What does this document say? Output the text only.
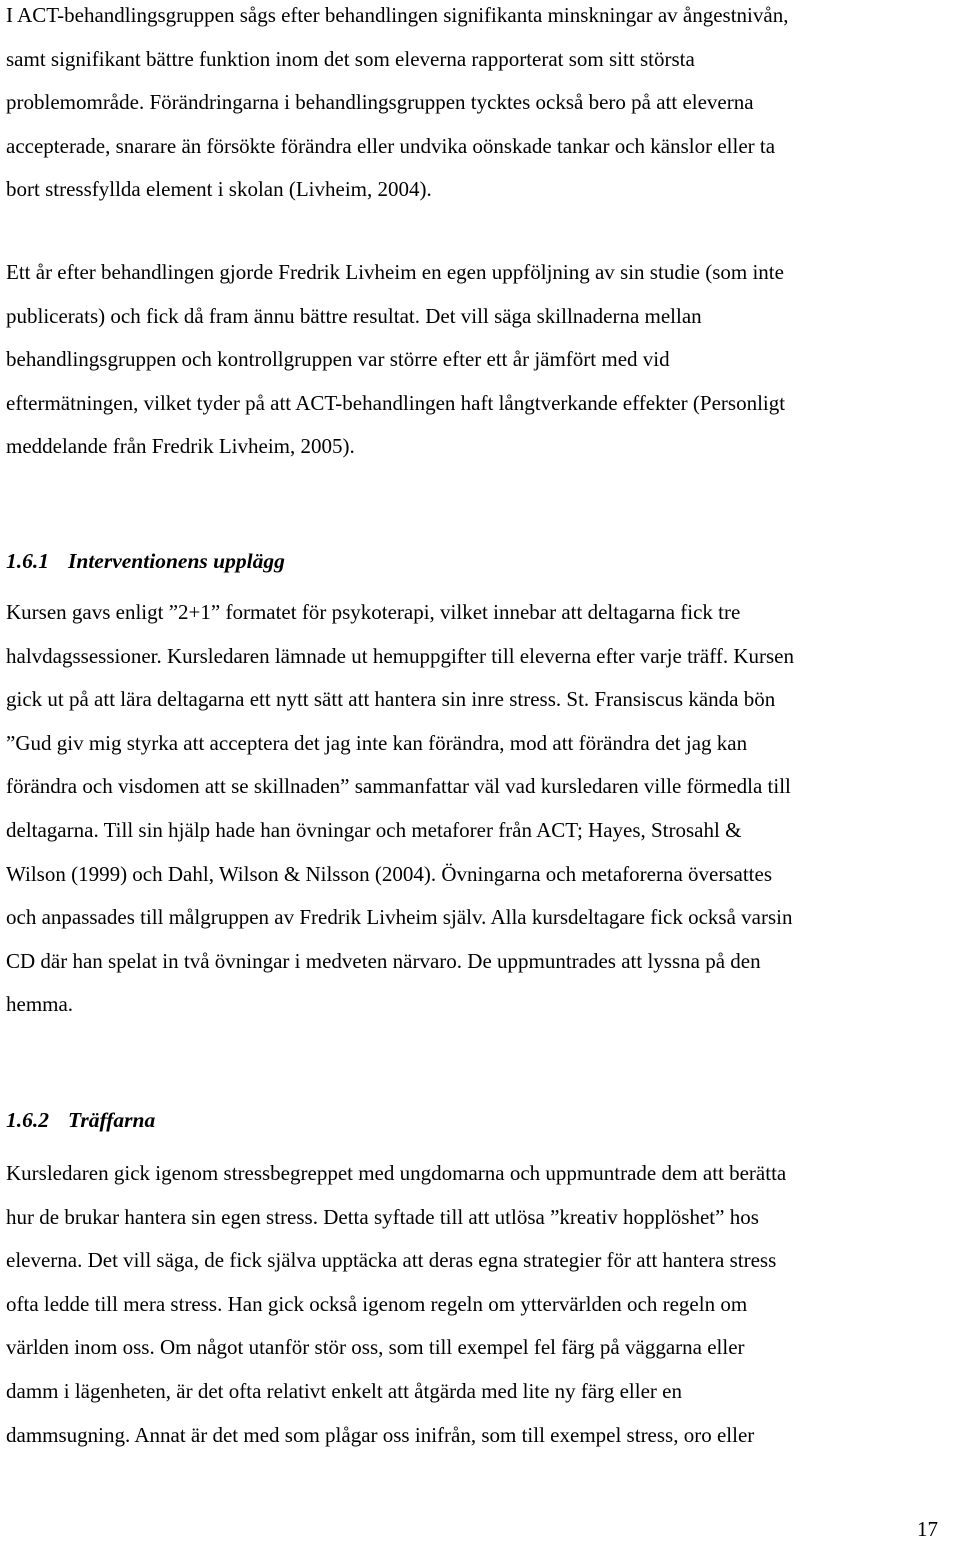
I ACT-behandlingsgruppen sågs efter behandlingen signifikanta minskningar av ångestnivån,
samt signifikant bättre funktion inom det som eleverna rapporterat som sitt största
problemområde. Förändringarna i behandlingsgruppen tycktes också bero på att eleverna
accepterade, snarare än försökte förändra eller undvika oönskade tankar och känslor eller ta
bort stressfyllda element i skolan (Livheim, 2004).

Ett år efter behandlingen gjorde Fredrik Livheim en egen uppföljning av sin studie (som inte
publicerats) och fick då fram ännu bättre resultat. Det vill säga skillnaderna mellan
behandlingsgruppen och kontrollgruppen var större efter ett år jämfört med vid
eftermätningen, vilket tyder på att ACT-behandlingen haft långtverkande effekter (Personligt
meddelande från Fredrik Livheim, 2005).

1.6.1 Interventionens upplägg

Kursen gavs enligt ”2+1” formatet för psykoterapi, vilket innebar att deltagarna fick tre
halvdagssessioner. Kursledaren lämnade ut hemuppgifter till eleverna efter varje träff. Kursen
gick ut på att lära deltagarna ett nytt sätt att hantera sin inre stress. St. Fransiscus kända bön
”Gud giv mig styrka att acceptera det jag inte kan förändra, mod att förändra det jag kan
förändra och visdomen att se skillnaden” sammanfattar väl vad kursledaren ville förmedla till
deltagarna. Till sin hjälp hade han övningar och metaforer från ACT; Hayes, Strosahl &
Wilson (1999) och Dahl, Wilson & Nilsson (2004). Övningarna och metaforerna översattes
och anpassades till målgruppen av Fredrik Livheim själv. Alla kursdeltagare fick också varsin
CD där han spelat in två övningar i medveten närvaro. De uppmuntrades att lyssna på den
hemma.

1.6.2 Träffarna

Kursledaren gick igenom stressbegreppet med ungdomarna och uppmuntrade dem att berätta
hur de brukar hantera sin egen stress. Detta syftade till att utlösa ”kreativ hopplöshet” hos
eleverna. Det vill säga, de fick själva upptäcka att deras egna strategier för att hantera stress
ofta ledde till mera stress. Han gick också igenom regeln om yttervärlden och regeln om
världen inom oss. Om något utanför stör oss, som till exempel fel färg på väggarna eller
damm i lägenheten, är det ofta relativt enkelt att åtgärda med lite ny färg eller en
dammsugning. Annat är det med som plågar oss inifrån, som till exempel stress, oro eller

17
